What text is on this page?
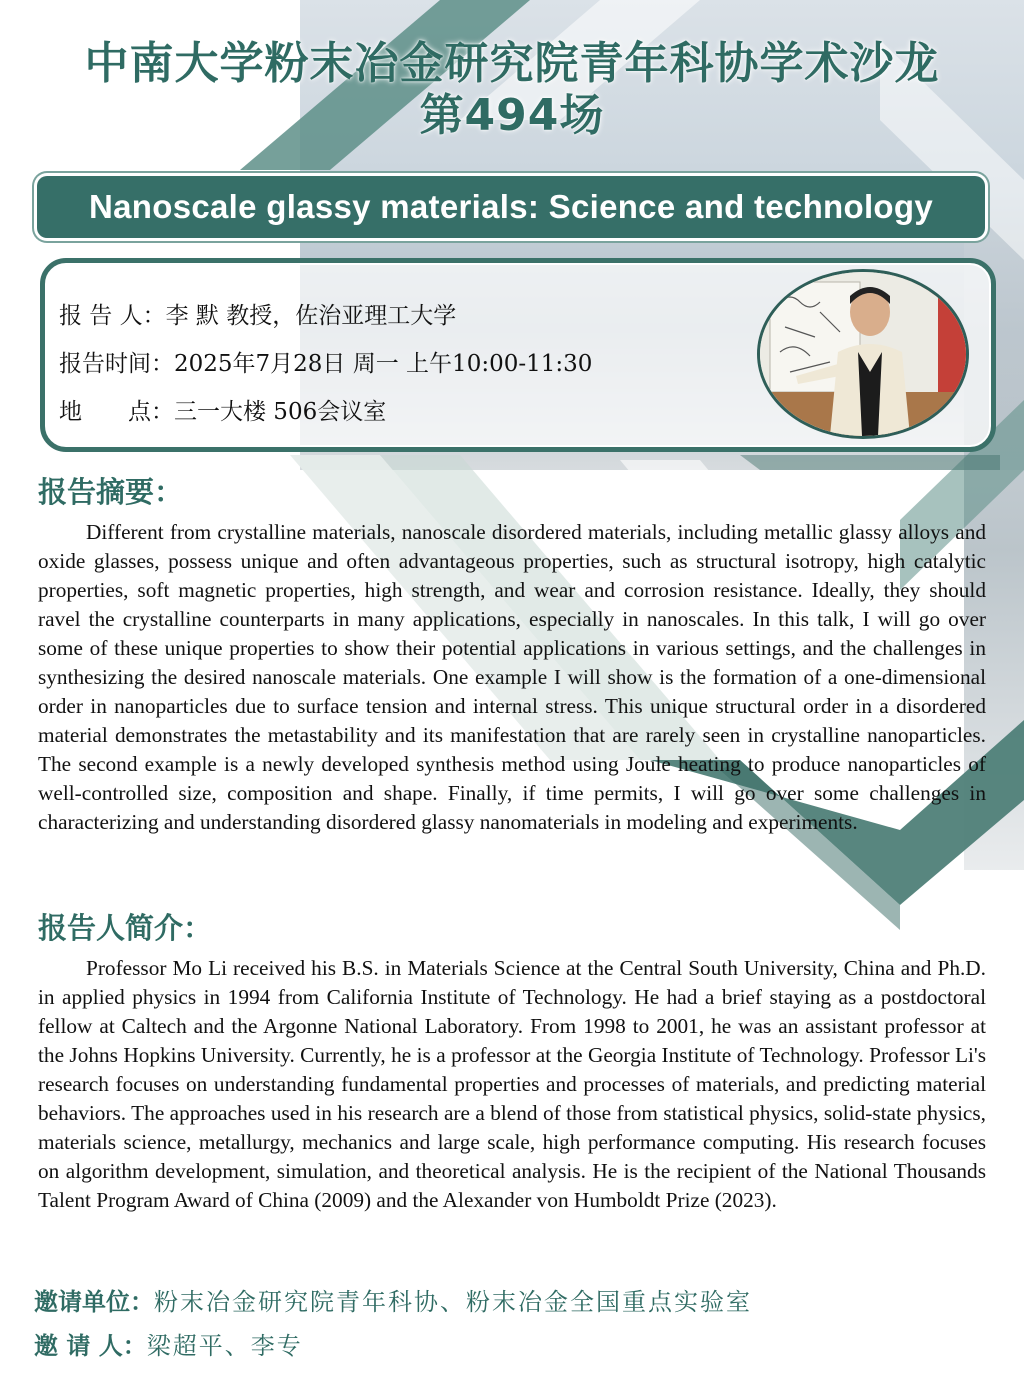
中南大学粉末冶金研究院青年科协学术沙龙
第494场
Nanoscale glassy materials: Science and technology
报 告 人：李 默 教授，佐治亚理工大学
报告时间：2025年7月28日 周一 上午10:00-11:30
地　　点：三一大楼 506会议室
报告摘要：
Different from crystalline materials, nanoscale disordered materials, including metallic glassy alloys and oxide glasses, possess unique and often advantageous properties, such as structural isotropy, high catalytic properties, soft magnetic properties, high strength, and wear and corrosion resistance. Ideally, they should ravel the crystalline counterparts in many applications, especially in nanoscales. In this talk, I will go over some of these unique properties to show their potential applications in various settings, and the challenges in synthesizing the desired nanoscale materials. One example I will show is the formation of a one-dimensional order in nanoparticles due to surface tension and internal stress. This unique structural order in a disordered material demonstrates the metastability and its manifestation that are rarely seen in crystalline nanoparticles. The second example is a newly developed synthesis method using Joule heating to produce nanoparticles of well-controlled size, composition and shape. Finally, if time permits, I will go over some challenges in characterizing and understanding disordered glassy nanomaterials in modeling and experiments.
报告人简介：
Professor Mo Li received his B.S. in Materials Science at the Central South University, China and Ph.D. in applied physics in 1994 from California Institute of Technology. He had a brief staying as a postdoctoral fellow at Caltech and the Argonne National Laboratory. From 1998 to 2001, he was an assistant professor at the Johns Hopkins University. Currently, he is a professor at the Georgia Institute of Technology. Professor Li's research focuses on understanding fundamental properties and processes of materials, and predicting material behaviors. The approaches used in his research are a blend of those from statistical physics, solid-state physics, materials science, metallurgy, mechanics and large scale, high performance computing. His research focuses on algorithm development, simulation, and theoretical analysis. He is the recipient of the National Thousands Talent Program Award of China (2009) and the Alexander von Humboldt Prize (2023).
邀请单位：粉末冶金研究院青年科协、粉末冶金全国重点实验室
邀 请 人：梁超平、李专
